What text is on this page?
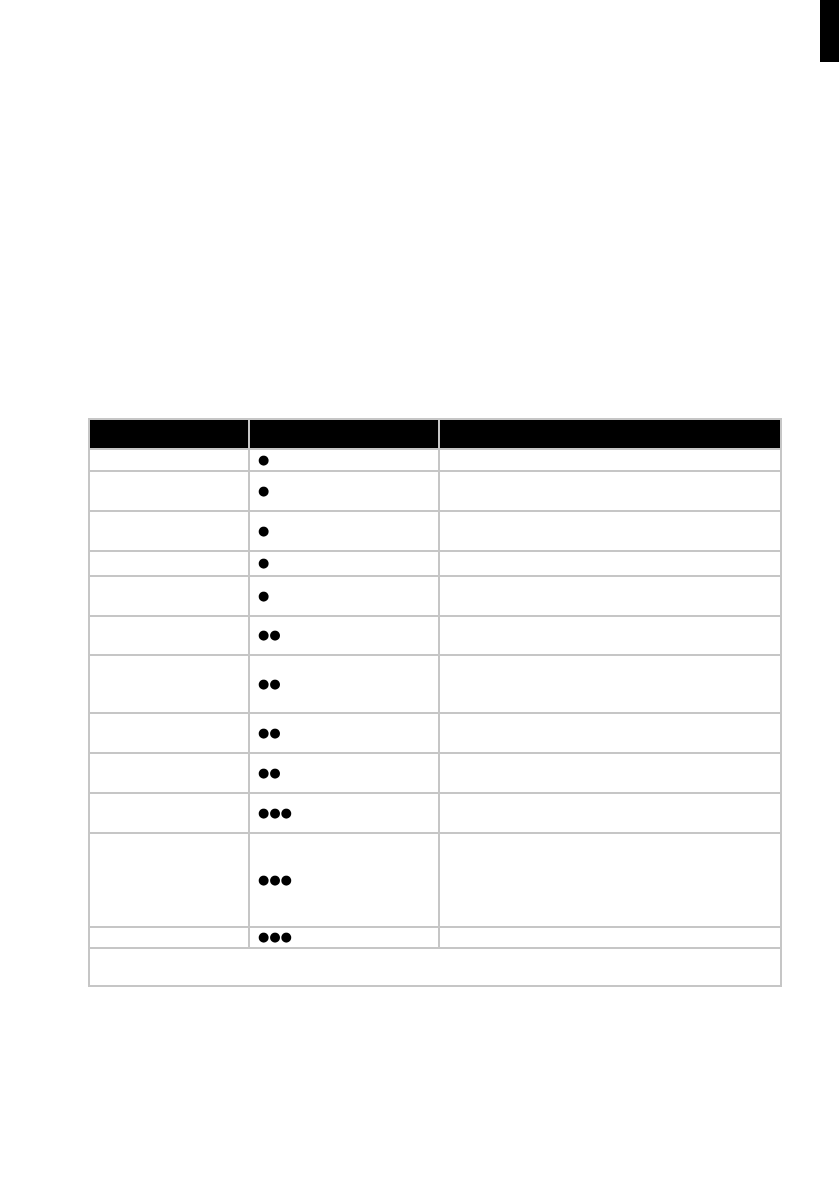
	●	
	●	
	●	
	●	
	●	
	●●	
	●●	
	●●	
	●●	
	●●●	
	●●●	
	●●●	
